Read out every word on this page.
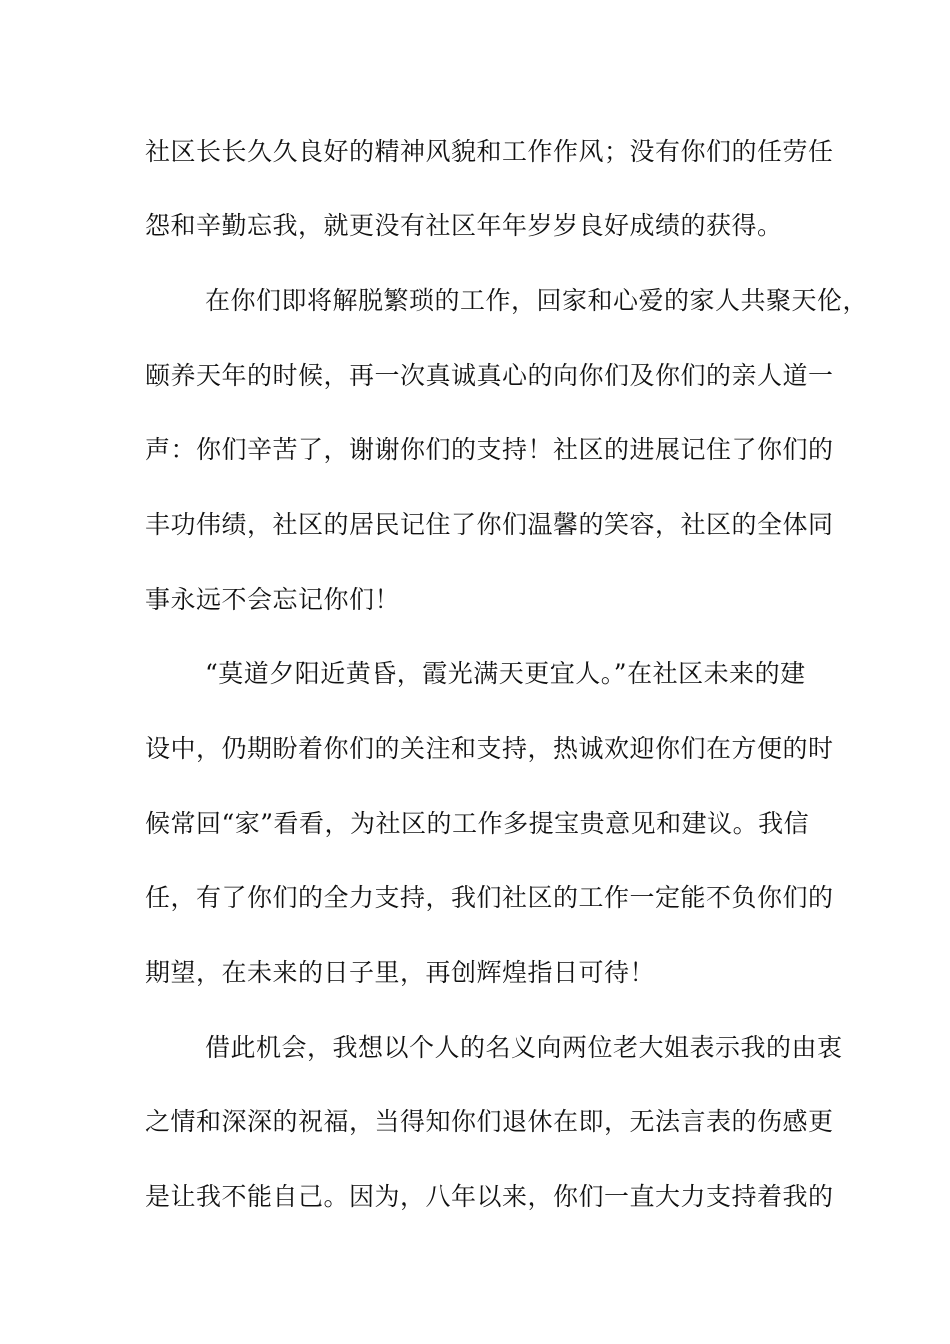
社区长长久久良好的精神风貌和工作作风；没有你们的任劳任

怨和辛勤忘我，就更没有社区年年岁岁良好成绩的获得。

在你们即将解脱繁琐的工作，回家和心爱的家人共聚天伦，

颐养天年的时候，再一次真诚真心的向你们及你们的亲人道一

声：你们辛苦了，谢谢你们的支持！社区的进展记住了你们的

丰功伟绩，社区的居民记住了你们温馨的笑容，社区的全体同

事永远不会忘记你们！

“莫道夕阳近黄昏，霞光满天更宜人。”在社区未来的建

设中，仍期盼着你们的关注和支持，热诚欢迎你们在方便的时

候常回“家”看看，为社区的工作多提宝贵意见和建议。我信

任，有了你们的全力支持，我们社区的工作一定能不负你们的

期望，在未来的日子里，再创辉煌指日可待！

借此机会，我想以个人的名义向两位老大姐表示我的由衷

之情和深深的祝福，当得知你们退休在即，无法言表的伤感更

是让我不能自己。因为，八年以来，你们一直大力支持着我的
